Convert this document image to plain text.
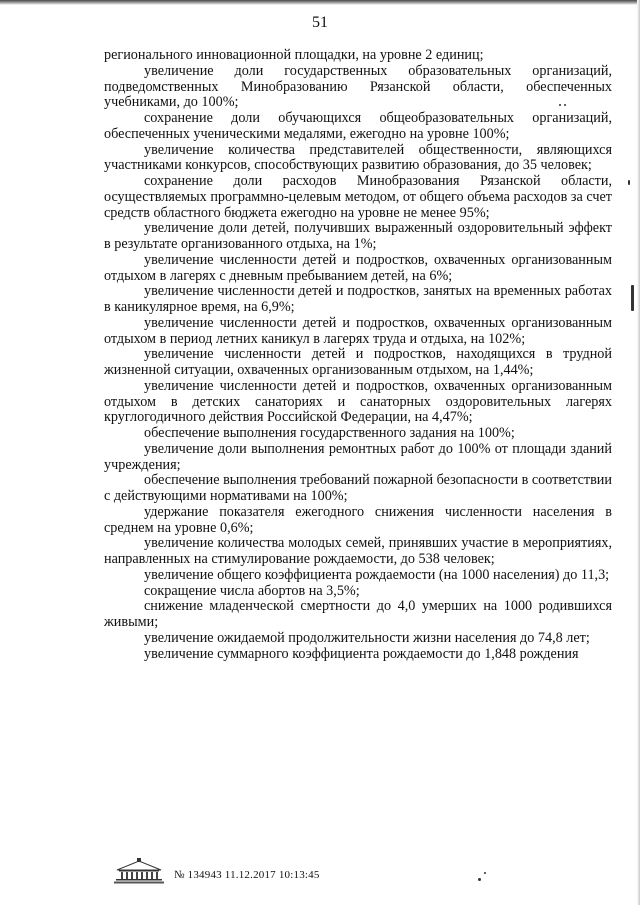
51

регионального инновационной площадки, на уровне 2 единиц;

увеличение доли государственных образовательных организаций, подведомственных Минобразованию Рязанской области, обеспеченных учебниками, до 100%;

сохранение доли обучающихся общеобразовательных организаций, обеспеченных ученическими медалями, ежегодно на уровне 100%;

увеличение количества представителей общественности, являющихся участниками конкурсов, способствующих развитию образования, до 35 человек;

сохранение доли расходов Минобразования Рязанской области, осуществляемых программно-целевым методом, от общего объема расходов за счет средств областного бюджета ежегодно на уровне не менее 95%;

увеличение доли детей, получивших выраженный оздоровительный эффект в результате организованного отдыха, на 1%;

увеличение численности детей и подростков, охваченных организованным отдыхом в лагерях с дневным пребыванием детей, на 6%;

увеличение численности детей и подростков, занятых на временных работах в каникулярное время, на 6,9%;

увеличение численности детей и подростков, охваченных организованным отдыхом в период летних каникул в лагерях труда и отдыха, на 102%;

увеличение численности детей и подростков, находящихся в трудной жизненной ситуации, охваченных организованным отдыхом, на 1,44%;

увеличение численности детей и подростков, охваченных организованным отдыхом в детских санаториях и санаторных оздоровительных лагерях круглогодичного действия Российской Федерации, на 4,47%;

обеспечение выполнения государственного задания на 100%;

увеличение доли выполнения ремонтных работ до 100% от площади зданий учреждения;

обеспечение выполнения требований пожарной безопасности в соответствии с действующими нормативами на 100%;

удержание показателя ежегодного снижения численности населения в среднем на уровне 0,6%;

увеличение количества молодых семей, принявших участие в мероприятиях, направленных на стимулирование рождаемости, до 538 человек;

увеличение общего коэффициента рождаемости (на 1000 населения) до 11,3;

сокращение числа абортов на 3,5%;

снижение младенческой смертности до 4,0 умерших на 1000 родившихся живыми;

увеличение ожидаемой продолжительности жизни населения до 74,8 лет;

увеличение суммарного коэффициента рождаемости до 1,848 рождения

№ 134943 11.12.2017 10:13:45
